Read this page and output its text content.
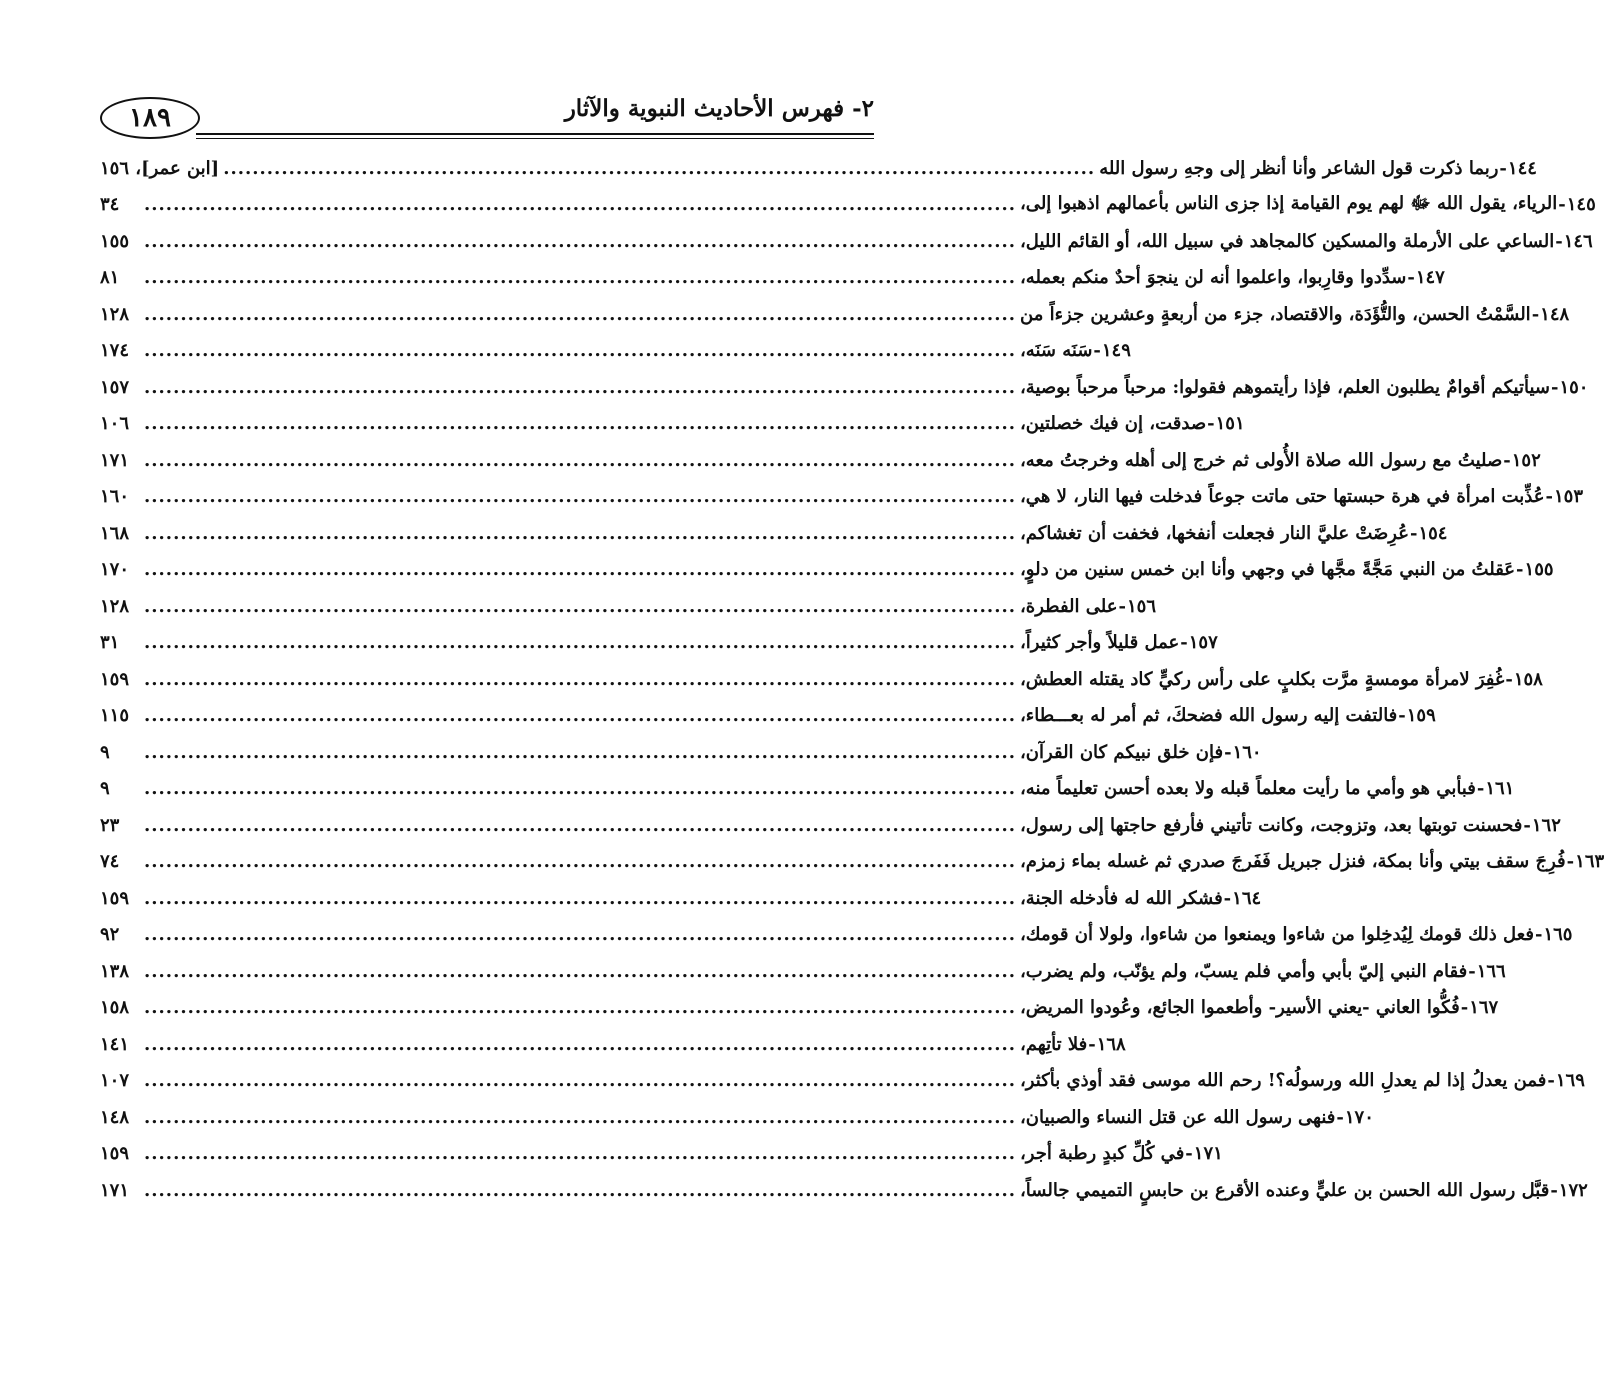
١٨٩	٢- فهرس الأحاديث النبوية والآثار
[ابن عمر]، ١٥٦ ........................................................................................................................ ربما ذكرت قول الشاعر وأنا أنظر إلى وجهِ رسول الله - ١٤٤
٣٤	........................................................................................................................ الرياء، يقول الله ﷻ لهم يوم القيامة إذا جزى الناس بأعمالهم اذهبوا إلى، - ١٤٥
١٥٥ ........................................................................................................................ الساعي على الأرملة والمسكين كالمجاهد في سبيل الله، أو القائم الليل، - ١٤٦
٨١	........................................................................................................................ سدِّدوا وقارِبوا، واعلموا أنه لن ينجوَ أحدٌ منكم بعمله، - ١٤٧
١٢٨ ........................................................................................................................ السَّمْتُ الحسن، والتُّؤَدَة، والاقتصاد، جزء من أربعةٍ وعشرين جزءاً من - ١٤٨
١٧٤ ........................................................................................................................ سَنَه سَنَه، - ١٤٩
١٥٧ ........................................................................................................................ سيأتيكم أقوامٌ يطلبون العلم، فإذا رأيتموهم فقولوا: مرحباً مرحباً بوصية، - ١٥٠
١٠٦ ........................................................................................................................ صدقت، إن فيك خصلتين، - ١٥١
١٧١ ........................................................................................................................ صليتُ مع رسول الله صلاة الأُولى ثم خرج إلى أهله وخرجتُ معه، - ١٥٢
١٦٠ ........................................................................................................................ عُذِّبت امرأة في هرة حبستها حتى ماتت جوعاً فدخلت فيها النار، لا هي، - ١٥٣
١٦٨ ........................................................................................................................ عُرِضَتْ عليَّ النار فجعلت أنفخها، فخفت أن تغشاكم، - ١٥٤
١٧٠ ........................................................................................................................ عَقلتُ من النبي مَجَّةً مجَّها في وجهي وأنا ابن خمس سنين من دلوٍ، - ١٥٥
١٢٨ ........................................................................................................................ على الفطرة، - ١٥٦
٣١	........................................................................................................................ عمل قليلاً وأجر كثيراً، - ١٥٧
١٥٩ ........................................................................................................................ غُفِرَ لامرأة مومسةٍ مرَّت بكلبٍ على رأس ركيٍّ كاد يقتله العطش، - ١٥٨
١١٥ ........................................................................................................................ فالتفت إليه رسول الله فضحكَ، ثم أمر له بعـــطاء، - ١٥٩
٩	........................................................................................................................ فإن خلق نبيكم كان القرآن، - ١٦٠
٩	........................................................................................................................ فبأبي هو وأمي ما رأيت معلماً قبله ولا بعده أحسن تعليماً منه، - ١٦١
٢٣	........................................................................................................................ فحسنت توبتها بعد، وتزوجت، وكانت تأتيني فأرفع حاجتها إلى رسول، - ١٦٢
٧٤	........................................................................................................................ فُرِجَ سقف بيتي وأنا بمكة، فنزل جبريل فَفَرجَ صدري ثم غسله بماء زمزم، - ١٦٣
١٥٩ ........................................................................................................................ فشكر الله له فأدخله الجنة، - ١٦٤
٩٢	........................................................................................................................ فعل ذلك قومك لِيُدخِلوا من شاءوا ويمنعوا من شاءوا، ولولا أن قومك، - ١٦٥
١٣٨ ........................................................................................................................ فقام النبي إليّ بأبي وأمي فلم يسبّ، ولم يؤنّب، ولم يضرب، - ١٦٦
١٥٨ ........................................................................................................................ فُكُّوا العاني -يعني الأسير- وأطعموا الجائع، وعُودوا المريض، - ١٦٧
١٤١ ........................................................................................................................ فلا تأتِهم، - ١٦٨
١٠٧ ........................................................................................................................ فمن يعدلُ إذا لم يعدلِ الله ورسولُه؟! رحم الله موسى فقد أوذي بأكثر، - ١٦٩
١٤٨ ........................................................................................................................ فنهى رسول الله عن قتل النساء والصبيان، - ١٧٠
١٥٩ ........................................................................................................................ في كُلِّ كبدٍ رطبة أجر، - ١٧١
١٧١ ........................................................................................................................ قبَّل رسول الله الحسن بن عليٍّ وعنده الأقرع بن حابسٍ التميمي جالساً، - ١٧٢
